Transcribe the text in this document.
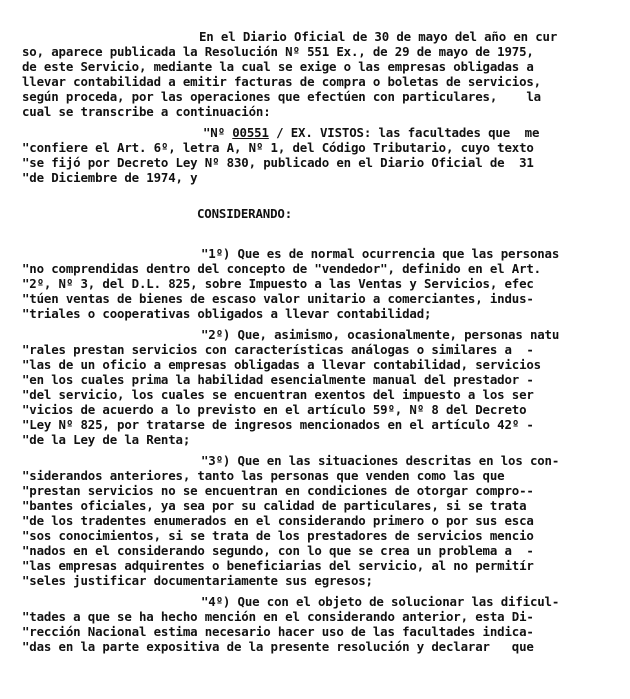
En el Diario Oficial de 30 de mayo del año en cur
so, aparece publicada la Resolución Nº 551 Ex., de 29 de mayo de 1975,
de este Servicio, mediante la cual se exige o las empresas obligadas a
llevar contabilidad a emitir facturas de compra o boletas de servicios,
según proceda, por las operaciones que efectúen con particulares,    la
cual se transcribe a continuación:
"Nº 00551 / EX. VISTOS: las facultades que  me
"confiere el Art. 6º, letra A, Nº 1, del Código Tributario, cuyo texto
"se fijó por Decreto Ley Nº 830, publicado en el Diario Oficial de  31
"de Diciembre de 1974, y
CONSIDERANDO:
"1º) Que es de normal ocurrencia que las personas
"no comprendidas dentro del concepto de "vendedor", definido en el Art.
"2º, Nº 3, del D.L. 825, sobre Impuesto a las Ventas y Servicios, efec
"túen ventas de bienes de escaso valor unitario a comerciantes, indus-
"triales o cooperativas obligados a llevar contabilidad;
"2º) Que, asimismo, ocasionalmente, personas natu
"rales prestan servicios con características análogas o similares a  -
"las de un oficio a empresas obligadas a llevar contabilidad, servicios
"en los cuales prima la habilidad esencialmente manual del prestador -
"del servicio, los cuales se encuentran exentos del impuesto a los ser
"vicios de acuerdo a lo previsto en el artículo 59º, Nº 8 del Decreto
"Ley Nº 825, por tratarse de ingresos mencionados en el artículo 42º -
"de la Ley de la Renta;
"3º) Que en las situaciones descritas en los con-
"siderandos anteriores, tanto las personas que venden como las que
"prestan servicios no se encuentran en condiciones de otorgar compro--
"bantes oficiales, ya sea por su calidad de particulares, si se trata
"de los tradentes enumerados en el considerando primero o por sus esca
"sos conocimientos, si se trata de los prestadores de servicios mencio
"nados en el considerando segundo, con lo que se crea un problema a  -
"las empresas adquirentes o beneficiarias del servicio, al no permitír
"seles justificar documentariamente sus egresos;
"4º) Que con el objeto de solucionar las dificul-
"tades a que se ha hecho mención en el considerando anterior, esta Di-
"rección Nacional estima necesario hacer uso de las facultades indica-
"das en la parte expositiva de la presente resolución y declarar   que
